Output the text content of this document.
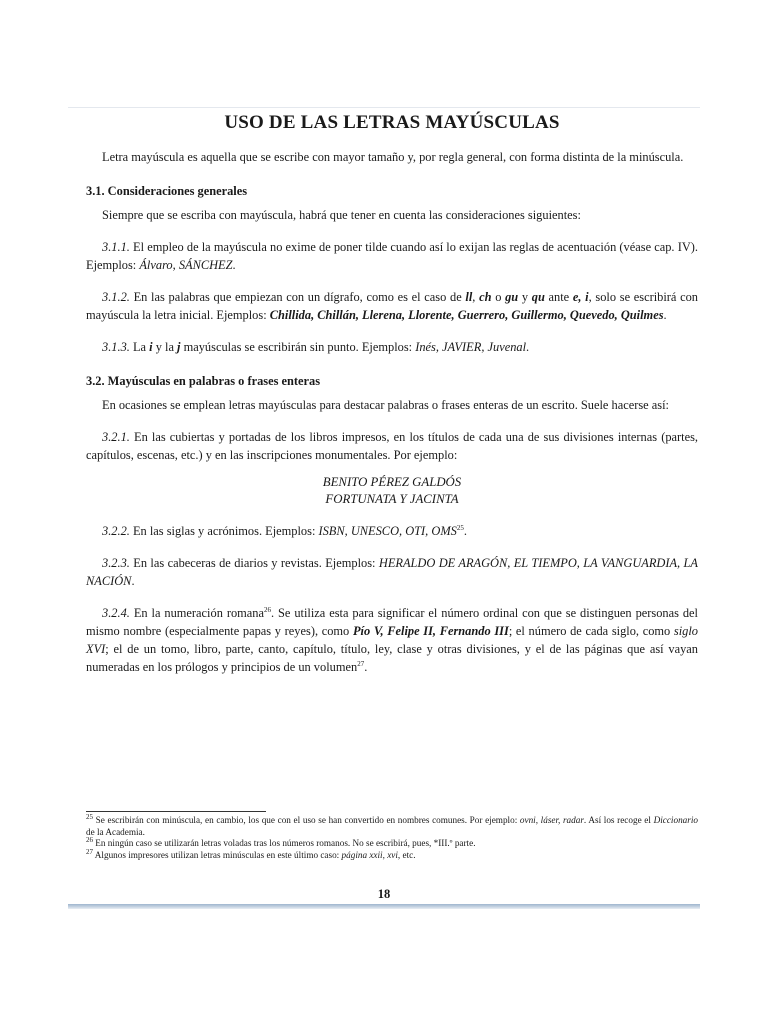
USO DE LAS LETRAS MAYÚSCULAS

Letra mayúscula es aquella que se escribe con mayor tamaño y, por regla general, con forma distinta de la minúscula.

3.1. Consideraciones generales

Siempre que se escriba con mayúscula, habrá que tener en cuenta las consideraciones siguientes:

3.1.1. El empleo de la mayúscula no exime de poner tilde cuando así lo exijan las reglas de acentuación (véase cap. IV). Ejemplos: Álvaro, SÁNCHEZ.

3.1.2. En las palabras que empiezan con un dígrafo, como es el caso de ll, ch o gu y qu ante e, i, solo se escribirá con mayúscula la letra inicial. Ejemplos: Chillida, Chillán, Llerena, Llorente, Guerrero, Guillermo, Quevedo, Quilmes.

3.1.3. La i y la j mayúsculas se escribirán sin punto. Ejemplos: Inés, JAVIER, Juvenal.

3.2. Mayúsculas en palabras o frases enteras

En ocasiones se emplean letras mayúsculas para destacar palabras o frases enteras de un escrito. Suele hacerse así:

3.2.1. En las cubiertas y portadas de los libros impresos, en los títulos de cada una de sus divisiones internas (partes, capítulos, escenas, etc.) y en las inscripciones monumentales. Por ejemplo:

BENITO PÉREZ GALDÓS
FORTUNATA Y JACINTA

3.2.2. En las siglas y acrónimos. Ejemplos: ISBN, UNESCO, OTI, OMS$^{25}$.

3.2.3. En las cabeceras de diarios y revistas. Ejemplos: HERALDO DE ARAGÓN, EL TIEMPO, LA VANGUARDIA, LA NACIÓN.

3.2.4. En la numeración romana$^{26}$. Se utiliza esta para significar el número ordinal con que se distinguen personas del mismo nombre (especialmente papas y reyes), como Pío V, Felipe II, Fernando III; el número de cada siglo, como siglo XVI; el de un tomo, libro, parte, canto, capítulo, título, ley, clase y otras divisiones, y el de las páginas que así vayan numeradas en los prólogos y principios de un volumen$^{27}$.

$^{25}$ Se escribirán con minúscula, en cambio, los que con el uso se han convertido en nombres comunes. Por ejemplo: ovni, láser, radar. Así los recoge el Diccionario de la Academia.
$^{26}$ En ningún caso se utilizarán letras voladas tras los números romanos. No se escribirá, pues, *III.º parte.
$^{27}$ Algunos impresores utilizan letras minúsculas en este último caso: página xxii, xvi, etc.
18
